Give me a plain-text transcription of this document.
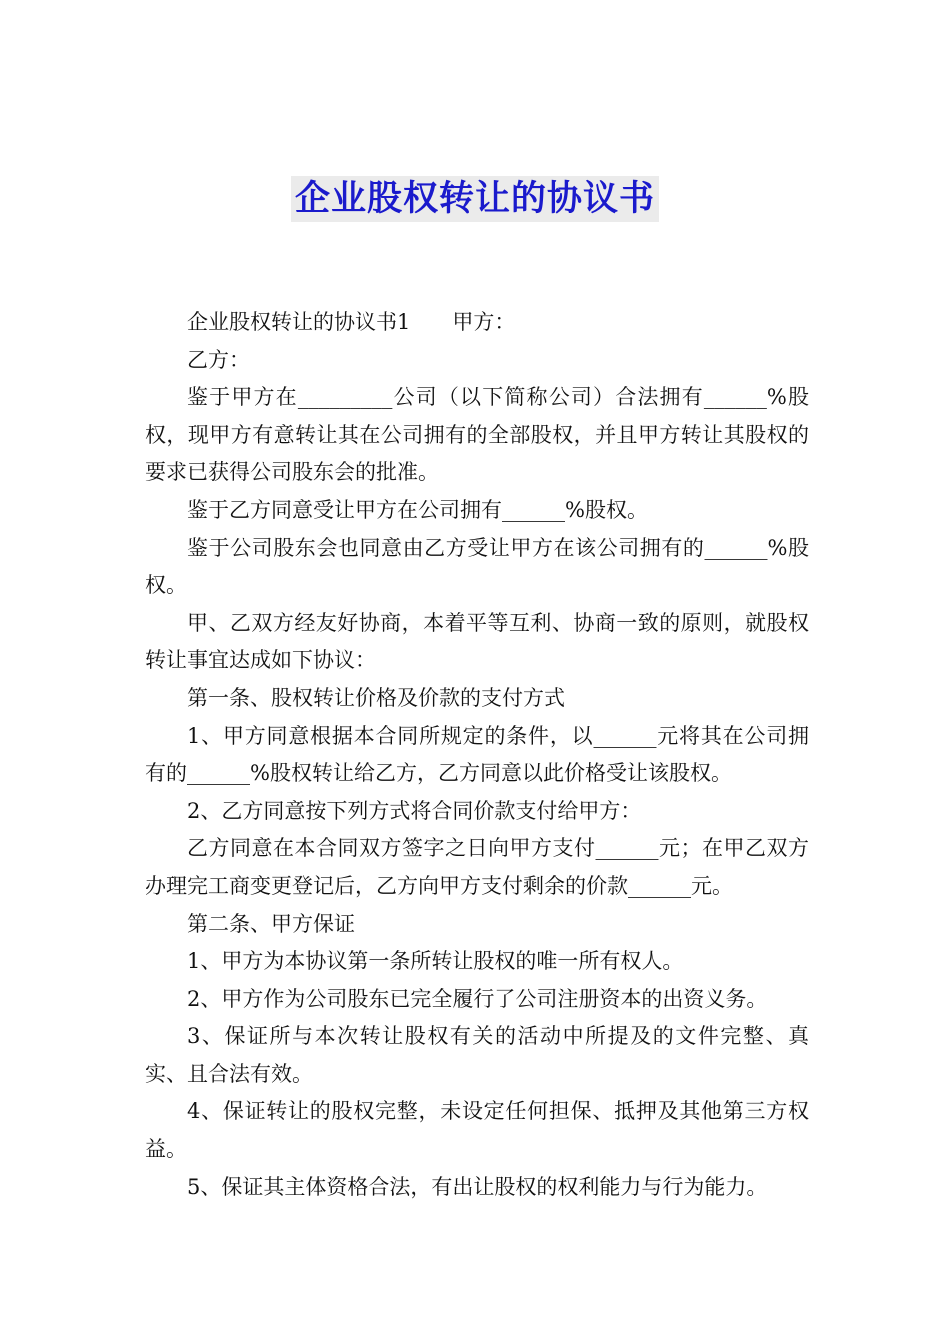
企业股权转让的协议书

企业股权转让的协议书1 甲方：

乙方：

鉴于甲方在_________公司（以下简称公司）合法拥有______%股权，现甲方有意转让其在公司拥有的全部股权，并且甲方转让其股权的要求已获得公司股东会的批准。

鉴于乙方同意受让甲方在公司拥有______%股权。

鉴于公司股东会也同意由乙方受让甲方在该公司拥有的______%股权。

甲、乙双方经友好协商，本着平等互利、协商一致的原则，就股权转让事宜达成如下协议：

第一条、股权转让价格及价款的支付方式

1、甲方同意根据本合同所规定的条件，以______元将其在公司拥有的______%股权转让给乙方，乙方同意以此价格受让该股权。

2、乙方同意按下列方式将合同价款支付给甲方：

乙方同意在本合同双方签字之日向甲方支付______元；在甲乙双方办理完工商变更登记后，乙方向甲方支付剩余的价款______元。

第二条、甲方保证

1、甲方为本协议第一条所转让股权的唯一所有权人。

2、甲方作为公司股东已完全履行了公司注册资本的出资义务。

3、保证所与本次转让股权有关的活动中所提及的文件完整、真实、且合法有效。

4、保证转让的股权完整，未设定任何担保、抵押及其他第三方权益。

5、保证其主体资格合法，有出让股权的权利能力与行为能力。
